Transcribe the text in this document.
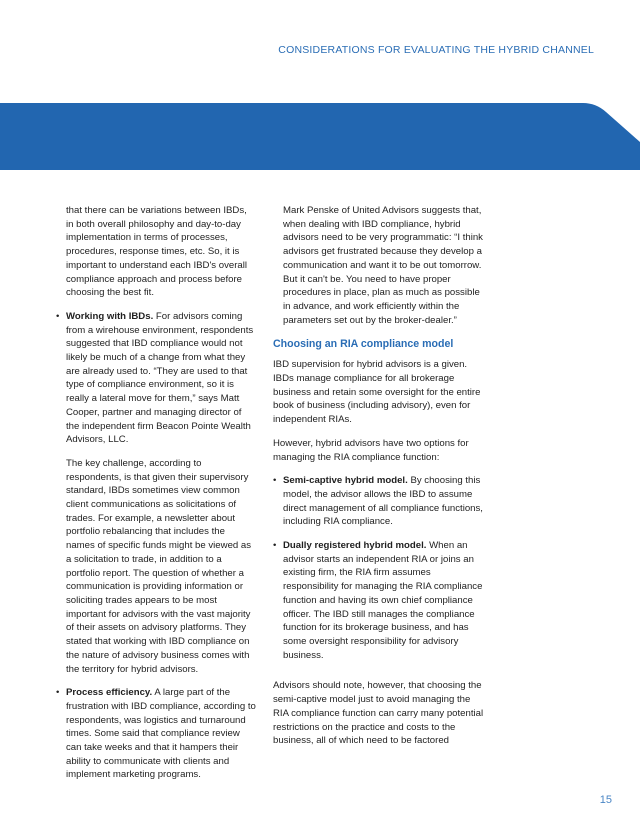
CONSIDERATIONS FOR EVALUATING THE HYBRID CHANNEL

that there can be variations between IBDs, in both overall philosophy and day-to-day implementation in terms of processes, procedures, response times, etc. So, it is important to understand each IBD's overall compliance approach and process before choosing the best fit.

• Working with IBDs. For advisors coming from a wirehouse environment, respondents suggested that IBD compliance would not likely be much of a change from what they are already used to. “They are used to that type of compliance environment, so it is really a lateral move for them,” says Matt Cooper, partner and managing director of the independent firm Beacon Pointe Wealth Advisors, LLC.

The key challenge, according to respondents, is that given their supervisory standard, IBDs sometimes view common client communications as solicitations of trades. For example, a newsletter about portfolio rebalancing that includes the names of specific funds might be viewed as a solicitation to trade, in addition to a portfolio report. The question of whether a communication is providing information or soliciting trades appears to be most important for advisors with the vast majority of their assets on advisory platforms. They stated that working with IBD compliance on the nature of advisory business comes with the territory for hybrid advisors.

• Process efficiency. A large part of the frustration with IBD compliance, according to respondents, was logistics and turnaround times. Some said that compliance review can take weeks and that it hampers their ability to communicate with clients and implement marketing programs.

Mark Penske of United Advisors suggests that, when dealing with IBD compliance, hybrid advisors need to be very programmatic: “I think advisors get frustrated because they develop a communication and want it to be out tomorrow. But it can't be. You need to have proper procedures in place, plan as much as possible in advance, and work efficiently within the parameters set out by the broker-dealer.”

Choosing an RIA compliance model

IBD supervision for hybrid advisors is a given. IBDs manage compliance for all brokerage business and retain some oversight for the entire book of business (including advisory), even for independent RIAs.

However, hybrid advisors have two options for managing the RIA compliance function:

• Semi-captive hybrid model. By choosing this model, the advisor allows the IBD to assume direct management of all compliance functions, including RIA compliance.
• Dually registered hybrid model. When an advisor starts an independent RIA or joins an existing firm, the RIA firm assumes responsibility for managing the RIA compliance function and having its own chief compliance officer. The IBD still manages the compliance function for its brokerage business, and has some oversight responsibility for advisory business.

Advisors should note, however, that choosing the semi-captive model just to avoid managing the RIA compliance function can carry many potential restrictions on the practice and costs to the business, all of which need to be factored

15
